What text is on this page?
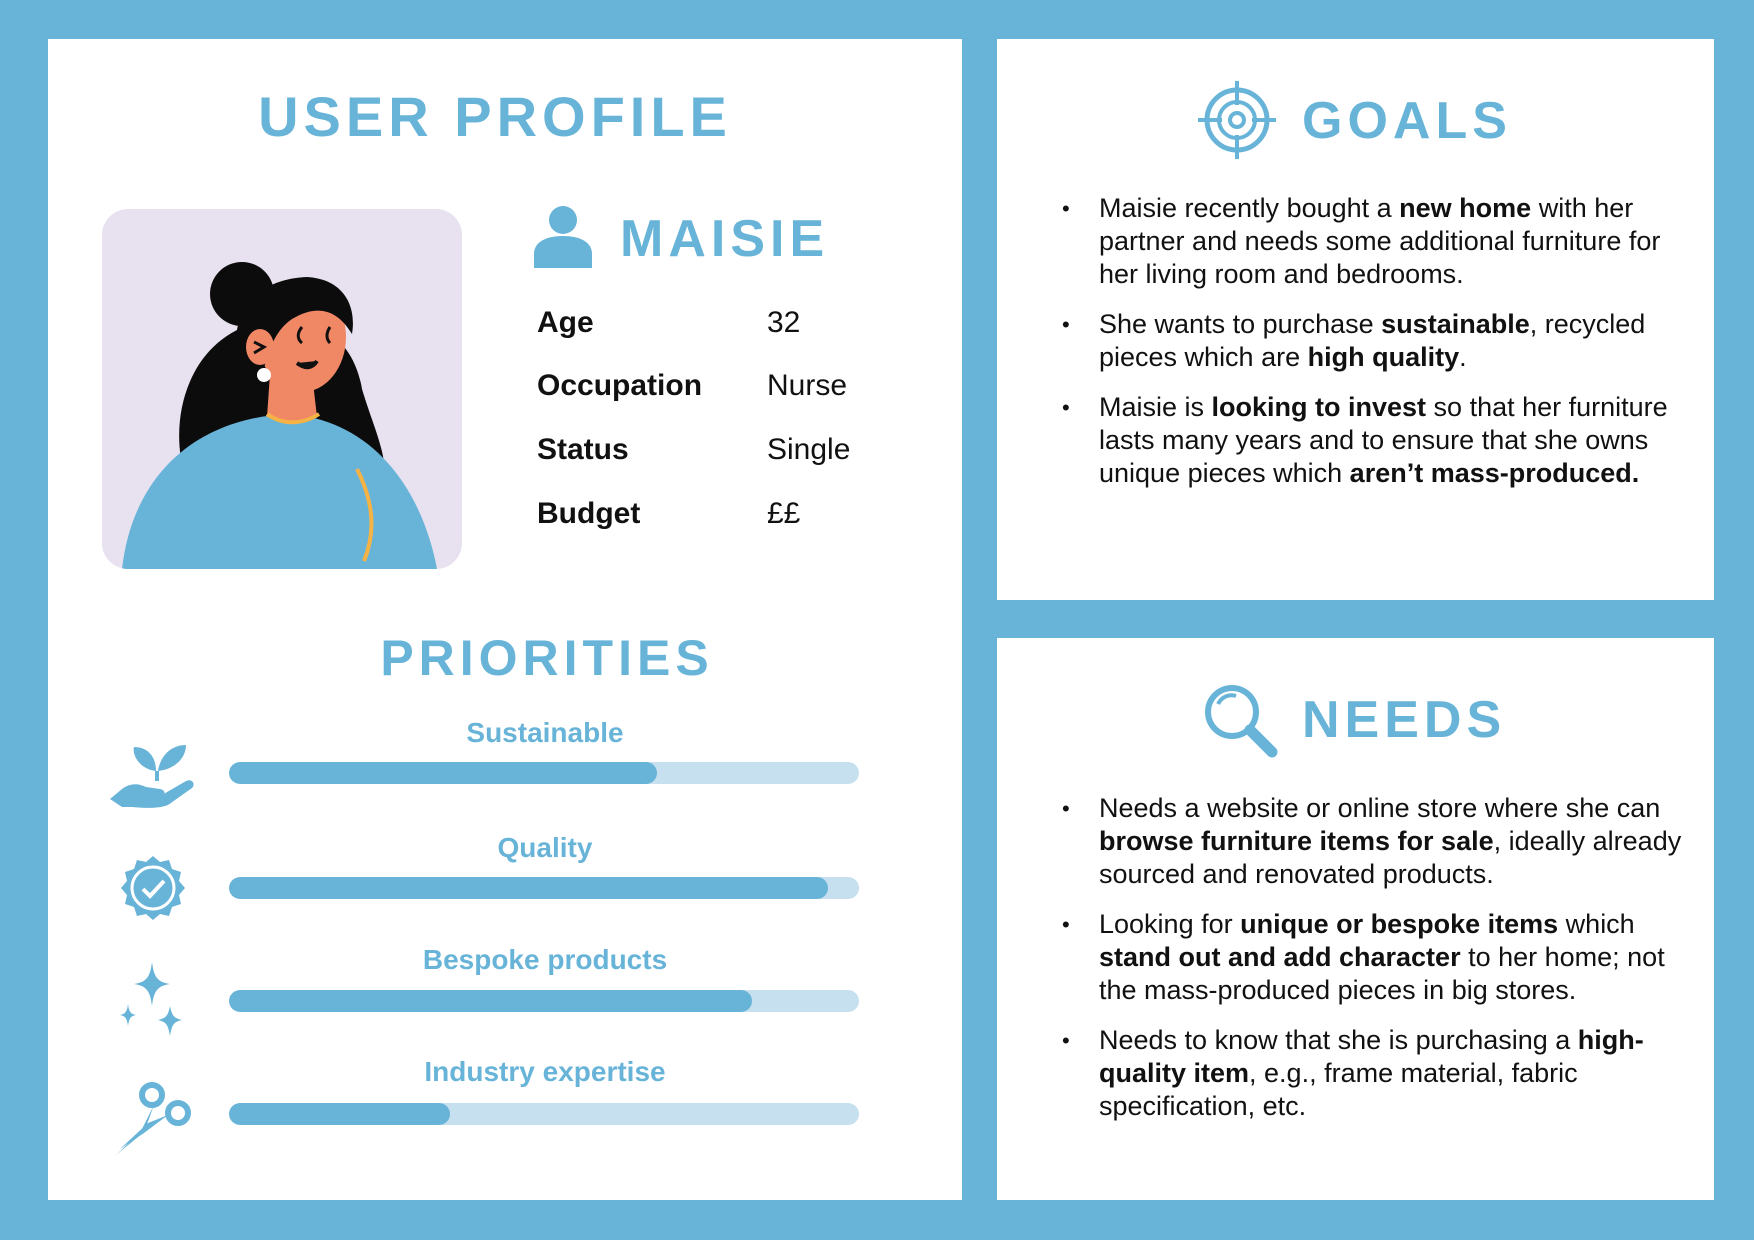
USER PROFILE
MAISIE
Age	32
Occupation Nurse
Status	Single
Budget	££
PRIORITIES
Sustainable
Quality
Bespoke products
Industry expertise
GOALS
• Maisie recently bought a new home with her partner and needs some additional furniture for her living room and bedrooms.
• She wants to purchase sustainable, recycled pieces which are high quality.
• Maisie is looking to invest so that her furniture lasts many years and to ensure that she owns unique pieces which aren’t mass-produced.
NEEDS
• Needs a website or online store where she can browse furniture items for sale, ideally already sourced and renovated products.
• Looking for unique or bespoke items which stand out and add character to her home; not the mass-produced pieces in big stores.
• Needs to know that she is purchasing a high-quality item, e.g., frame material, fabric specification, etc.
